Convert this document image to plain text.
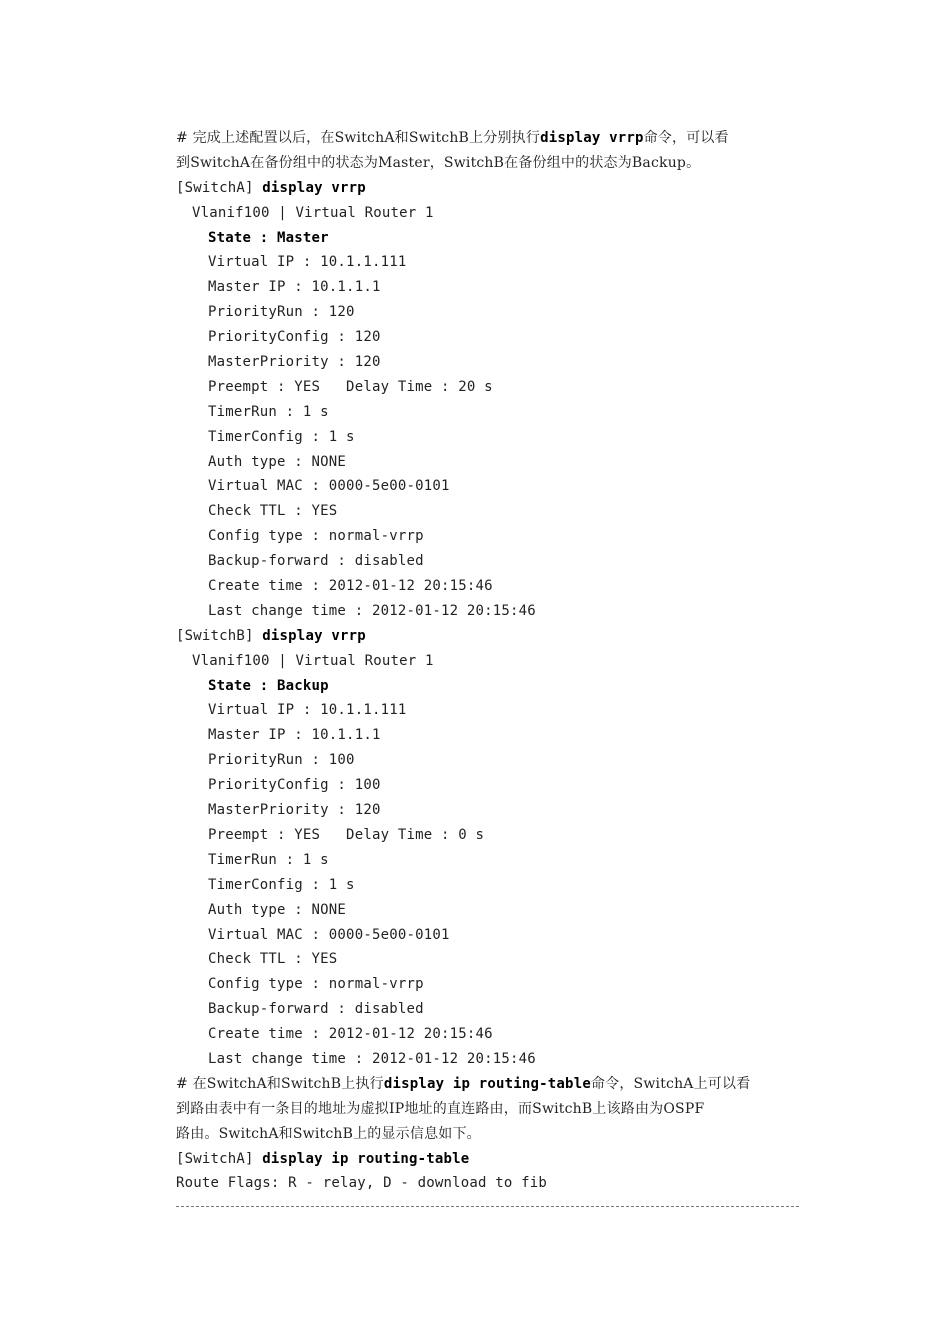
# 完成上述配置以后，在SwitchA和SwitchB上分别执行display vrrp命令，可以看
到SwitchA在备份组中的状态为Master，SwitchB在备份组中的状态为Backup。
[SwitchA] display vrrp
Vlanif100 | Virtual Router 1
State : Master
Virtual IP : 10.1.1.111
Master IP : 10.1.1.1
PriorityRun : 120
PriorityConfig : 120
MasterPriority : 120
Preempt : YES   Delay Time : 20 s
TimerRun : 1 s
TimerConfig : 1 s
Auth type : NONE
Virtual MAC : 0000-5e00-0101
Check TTL : YES
Config type : normal-vrrp
Backup-forward : disabled
Create time : 2012-01-12 20:15:46
Last change time : 2012-01-12 20:15:46
[SwitchB] display vrrp
Vlanif100 | Virtual Router 1
State : Backup
Virtual IP : 10.1.1.111
Master IP : 10.1.1.1
PriorityRun : 100
PriorityConfig : 100
MasterPriority : 120
Preempt : YES   Delay Time : 0 s
TimerRun : 1 s
TimerConfig : 1 s
Auth type : NONE
Virtual MAC : 0000-5e00-0101
Check TTL : YES
Config type : normal-vrrp
Backup-forward : disabled
Create time : 2012-01-12 20:15:46
Last change time : 2012-01-12 20:15:46
# 在SwitchA和SwitchB上执行display ip routing-table命令，SwitchA上可以看
到路由表中有一条目的地址为虚拟IP地址的直连路由，而SwitchB上该路由为OSPF
路由。SwitchA和SwitchB上的显示信息如下。
[SwitchA] display ip routing-table
Route Flags: R - relay, D - download to fib
